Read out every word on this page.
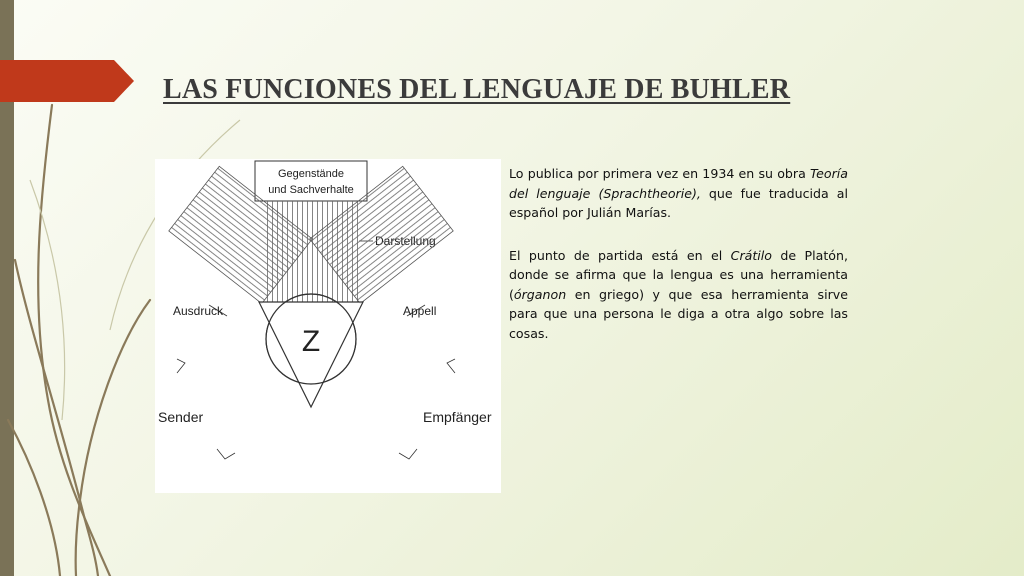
LAS FUNCIONES DEL LENGUAJE DE BUHLER
Gegenstände
und Sachverhalte
Ausdruck
Sender
Appell
Empfänger
Z

Lo publica por primera vez en 1934 en su obra Teoría del lenguaje (Sprachtheorie), que fue traducida al español por Julián Marías.

El punto de partida está en el Crátilo de Platón, donde se afirma que la lengua es una herramienta (órganon en griego) y que esa herramienta sirve para que una persona le diga a otra algo sobre las cosas.
